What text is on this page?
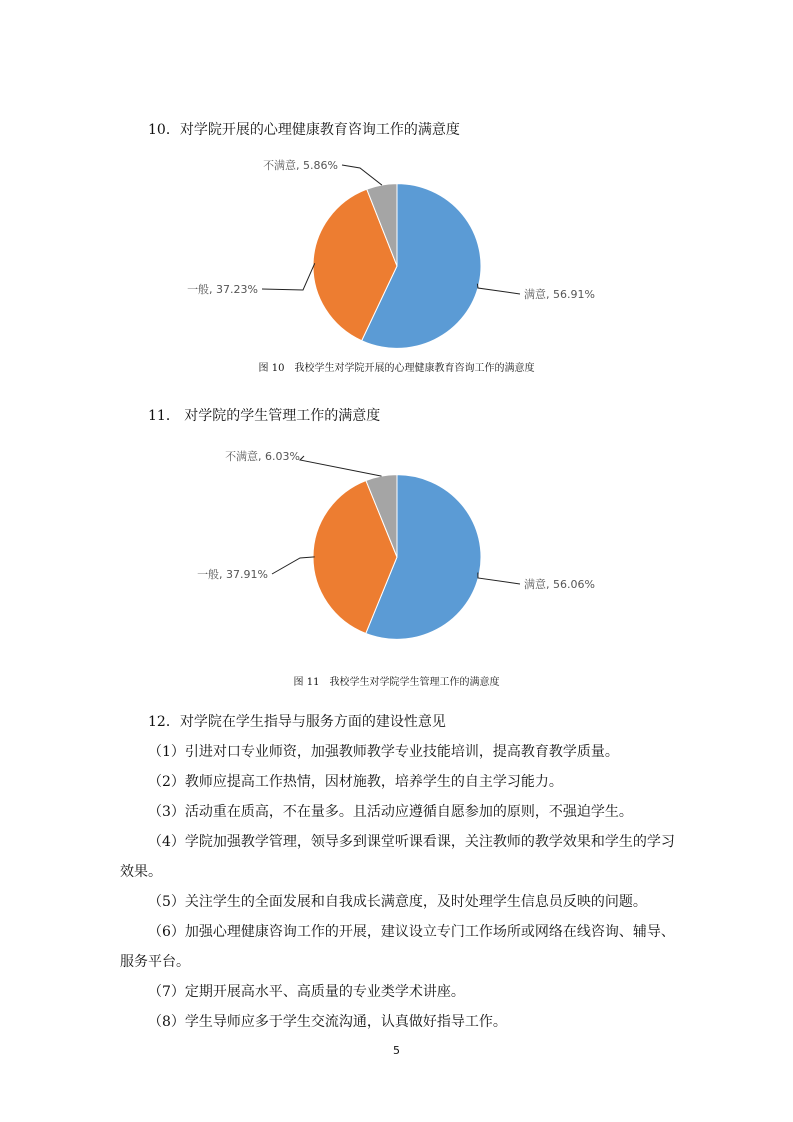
10．对学院开展的心理健康教育咨询工作的满意度
满意, 56.91%
一般, 37.23%
不满意, 5.86%
图 10　我校学生对学院开展的心理健康教育咨询工作的满意度
11． 对学院的学生管理工作的满意度
满意, 56.06%
一般, 37.91%
不满意, 6.03%
图 11　我校学生对学院学生管理工作的满意度
12．对学院在学生指导与服务方面的建设性意见
（1）引进对口专业师资，加强教师教学专业技能培训，提高教育教学质量。
（2）教师应提高工作热情，因材施教，培养学生的自主学习能力。
（3）活动重在质高，不在量多。且活动应遵循自愿参加的原则，不强迫学生。
（4）学院加强教学管理，领导多到课堂听课看课，关注教师的教学效果和学生的学习
效果。
（5）关注学生的全面发展和自我成长满意度，及时处理学生信息员反映的问题。
（6）加强心理健康咨询工作的开展，建议设立专门工作场所或网络在线咨询、辅导、
服务平台。
（7）定期开展高水平、高质量的专业类学术讲座。
（8）学生导师应多于学生交流沟通，认真做好指导工作。
5
